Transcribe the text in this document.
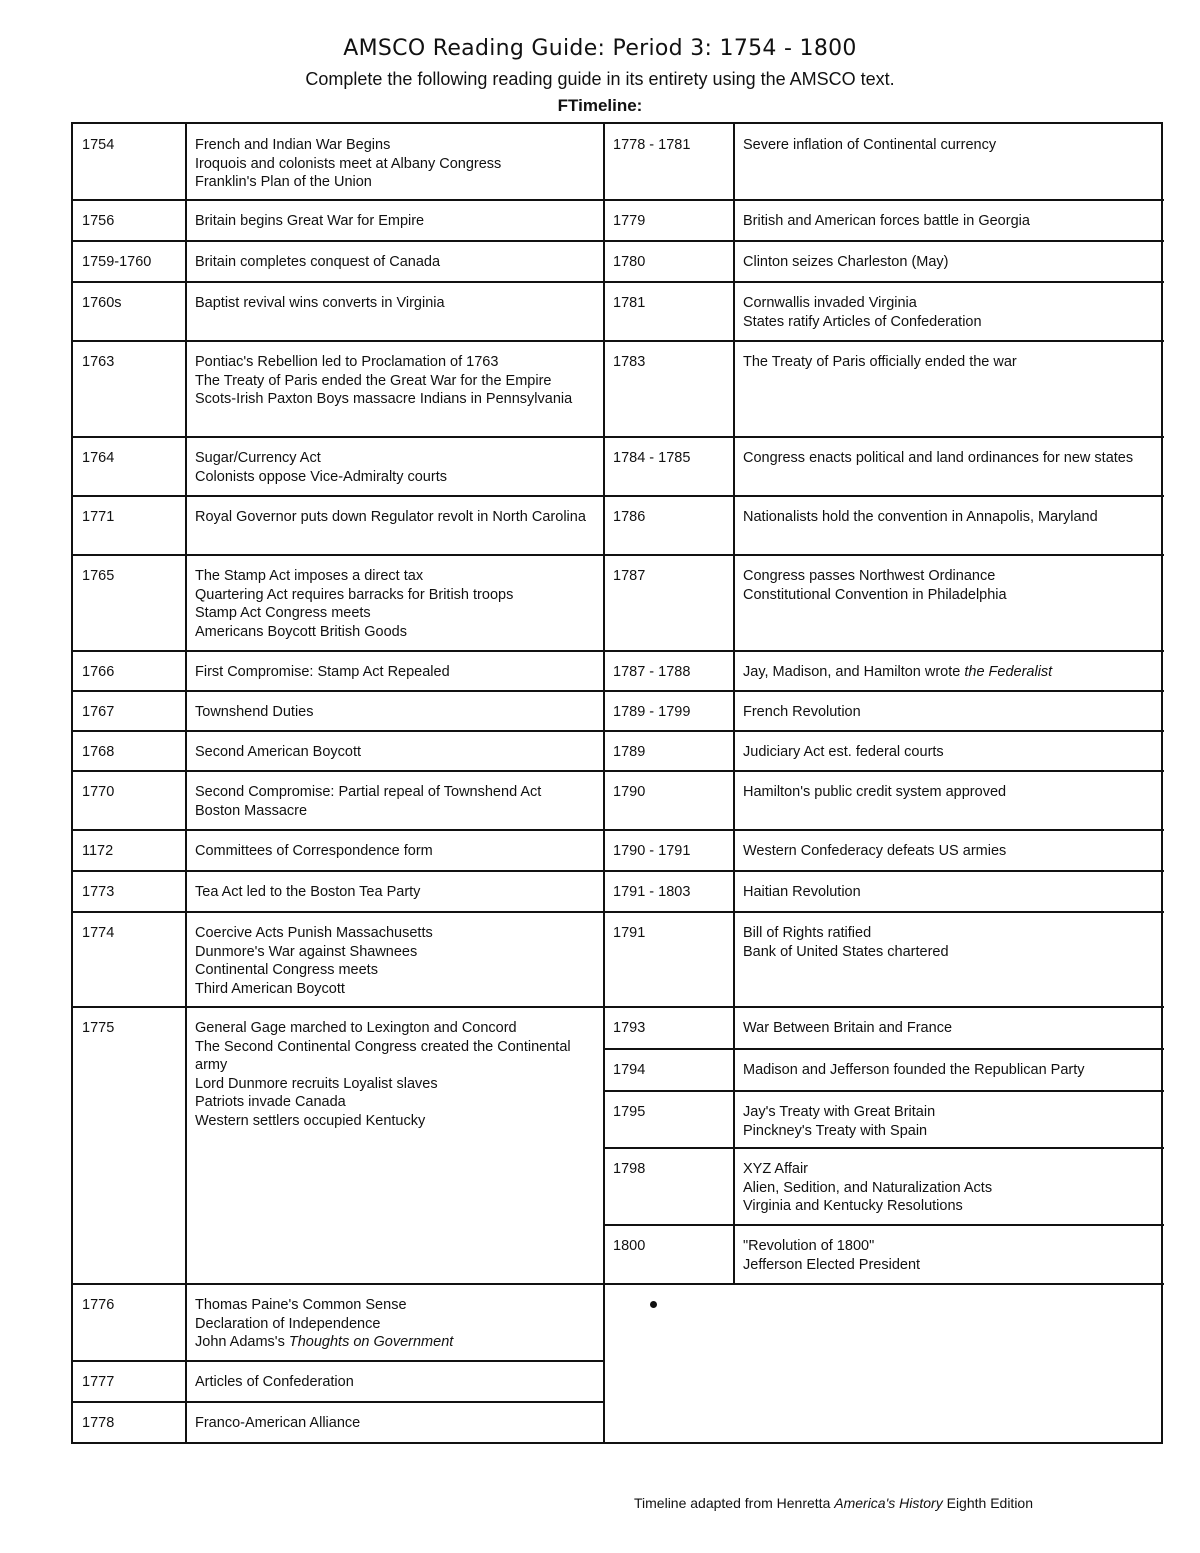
AMSCO Reading Guide: Period 3: 1754 - 1800
Complete the following reading guide in its entirety using the AMSCO text.
FTimeline:
1754	French and Indian War Begins
Iroquois and colonists meet at Albany Congress
Franklin's Plan of the Union
1756	Britain begins Great War for Empire
1759-1760	Britain completes conquest of Canada
1760s	Baptist revival wins converts in Virginia
1763	Pontiac's Rebellion led to Proclamation of 1763
The Treaty of Paris ended the Great War for the Empire
Scots-Irish Paxton Boys massacre Indians in Pennsylvania
1764	Sugar/Currency Act
Colonists oppose Vice-Admiralty courts
1771	Royal Governor puts down Regulator revolt in North Carolina
1765	The Stamp Act imposes a direct tax
Quartering Act requires barracks for British troops
Stamp Act Congress meets
Americans Boycott British Goods
1766	First Compromise: Stamp Act Repealed
1767	Townshend Duties
1768	Second American Boycott
1770	Second Compromise: Partial repeal of Townshend Act
Boston Massacre
1172	Committees of Correspondence form
1773	Tea Act led to the Boston Tea Party
1774	Coercive Acts Punish Massachusetts
Dunmore's War against Shawnees
Continental Congress meets
Third American Boycott
1775	General Gage marched to Lexington and Concord
The Second Continental Congress created the Continental army
Lord Dunmore recruits Loyalist slaves
Patriots invade Canada
Western settlers occupied Kentucky
1776	Thomas Paine's Common Sense
Declaration of Independence
John Adams's Thoughts on Government
1777	Articles of Confederation
1778	Franco-American Alliance
1778 - 1781	Severe inflation of Continental currency
1779	British and American forces battle in Georgia
1780	Clinton seizes Charleston (May)
1781	Cornwallis invaded Virginia
States ratify Articles of Confederation
1783	The Treaty of Paris officially ended the war
1784 - 1785	Congress enacts political and land ordinances for new states
1786	Nationalists hold the convention in Annapolis, Maryland
1787	Congress passes Northwest Ordinance
Constitutional Convention in Philadelphia
1787 - 1788	Jay, Madison, and Hamilton wrote the Federalist
1789 - 1799	French Revolution
1789	Judiciary Act est. federal courts
1790	Hamilton's public credit system approved
1790 - 1791	Western Confederacy defeats US armies
1791 - 1803	Haitian Revolution
1791	Bill of Rights ratified
Bank of United States chartered
1793	War Between Britain and France
1794	Madison and Jefferson founded the Republican Party
1795	Jay's Treaty with Great Britain
Pinckney's Treaty with Spain
1798	XYZ Affair
Alien, Sedition, and Naturalization Acts
Virginia and Kentucky Resolutions
1800	"Revolution of 1800"
Jefferson Elected President
Timeline adapted from Henretta America's History Eighth Edition
